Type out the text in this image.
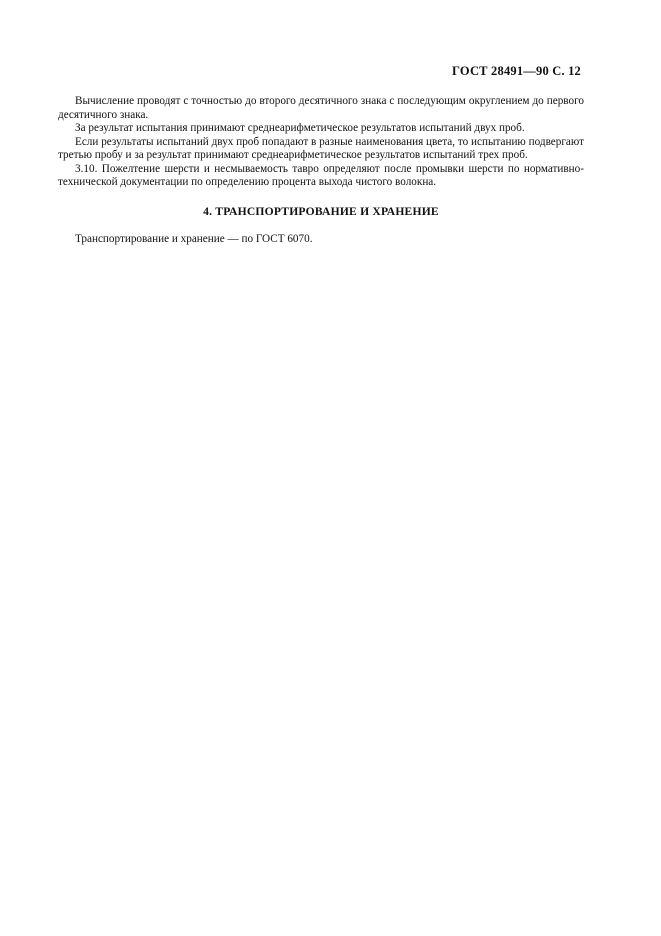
ГОСТ 28491—90 С. 12

Вычисление проводят с точностью до второго десятичного знака с последующим округлением до первого десятичного знака.

За результат испытания принимают среднеарифметическое результатов испытаний двух проб.

Если результаты испытаний двух проб попадают в разные наименования цвета, то испытанию подвергают третью пробу и за результат принимают среднеарифметическое результатов испытаний трех проб.

3.10. Пожелтение шерсти и несмываемость тавро определяют после промывки шерсти по нормативно-технической документации по определению процента выхода чистого волокна.

4. ТРАНСПОРТИРОВАНИЕ И ХРАНЕНИЕ

Транспортирование и хранение — по ГОСТ 6070.
